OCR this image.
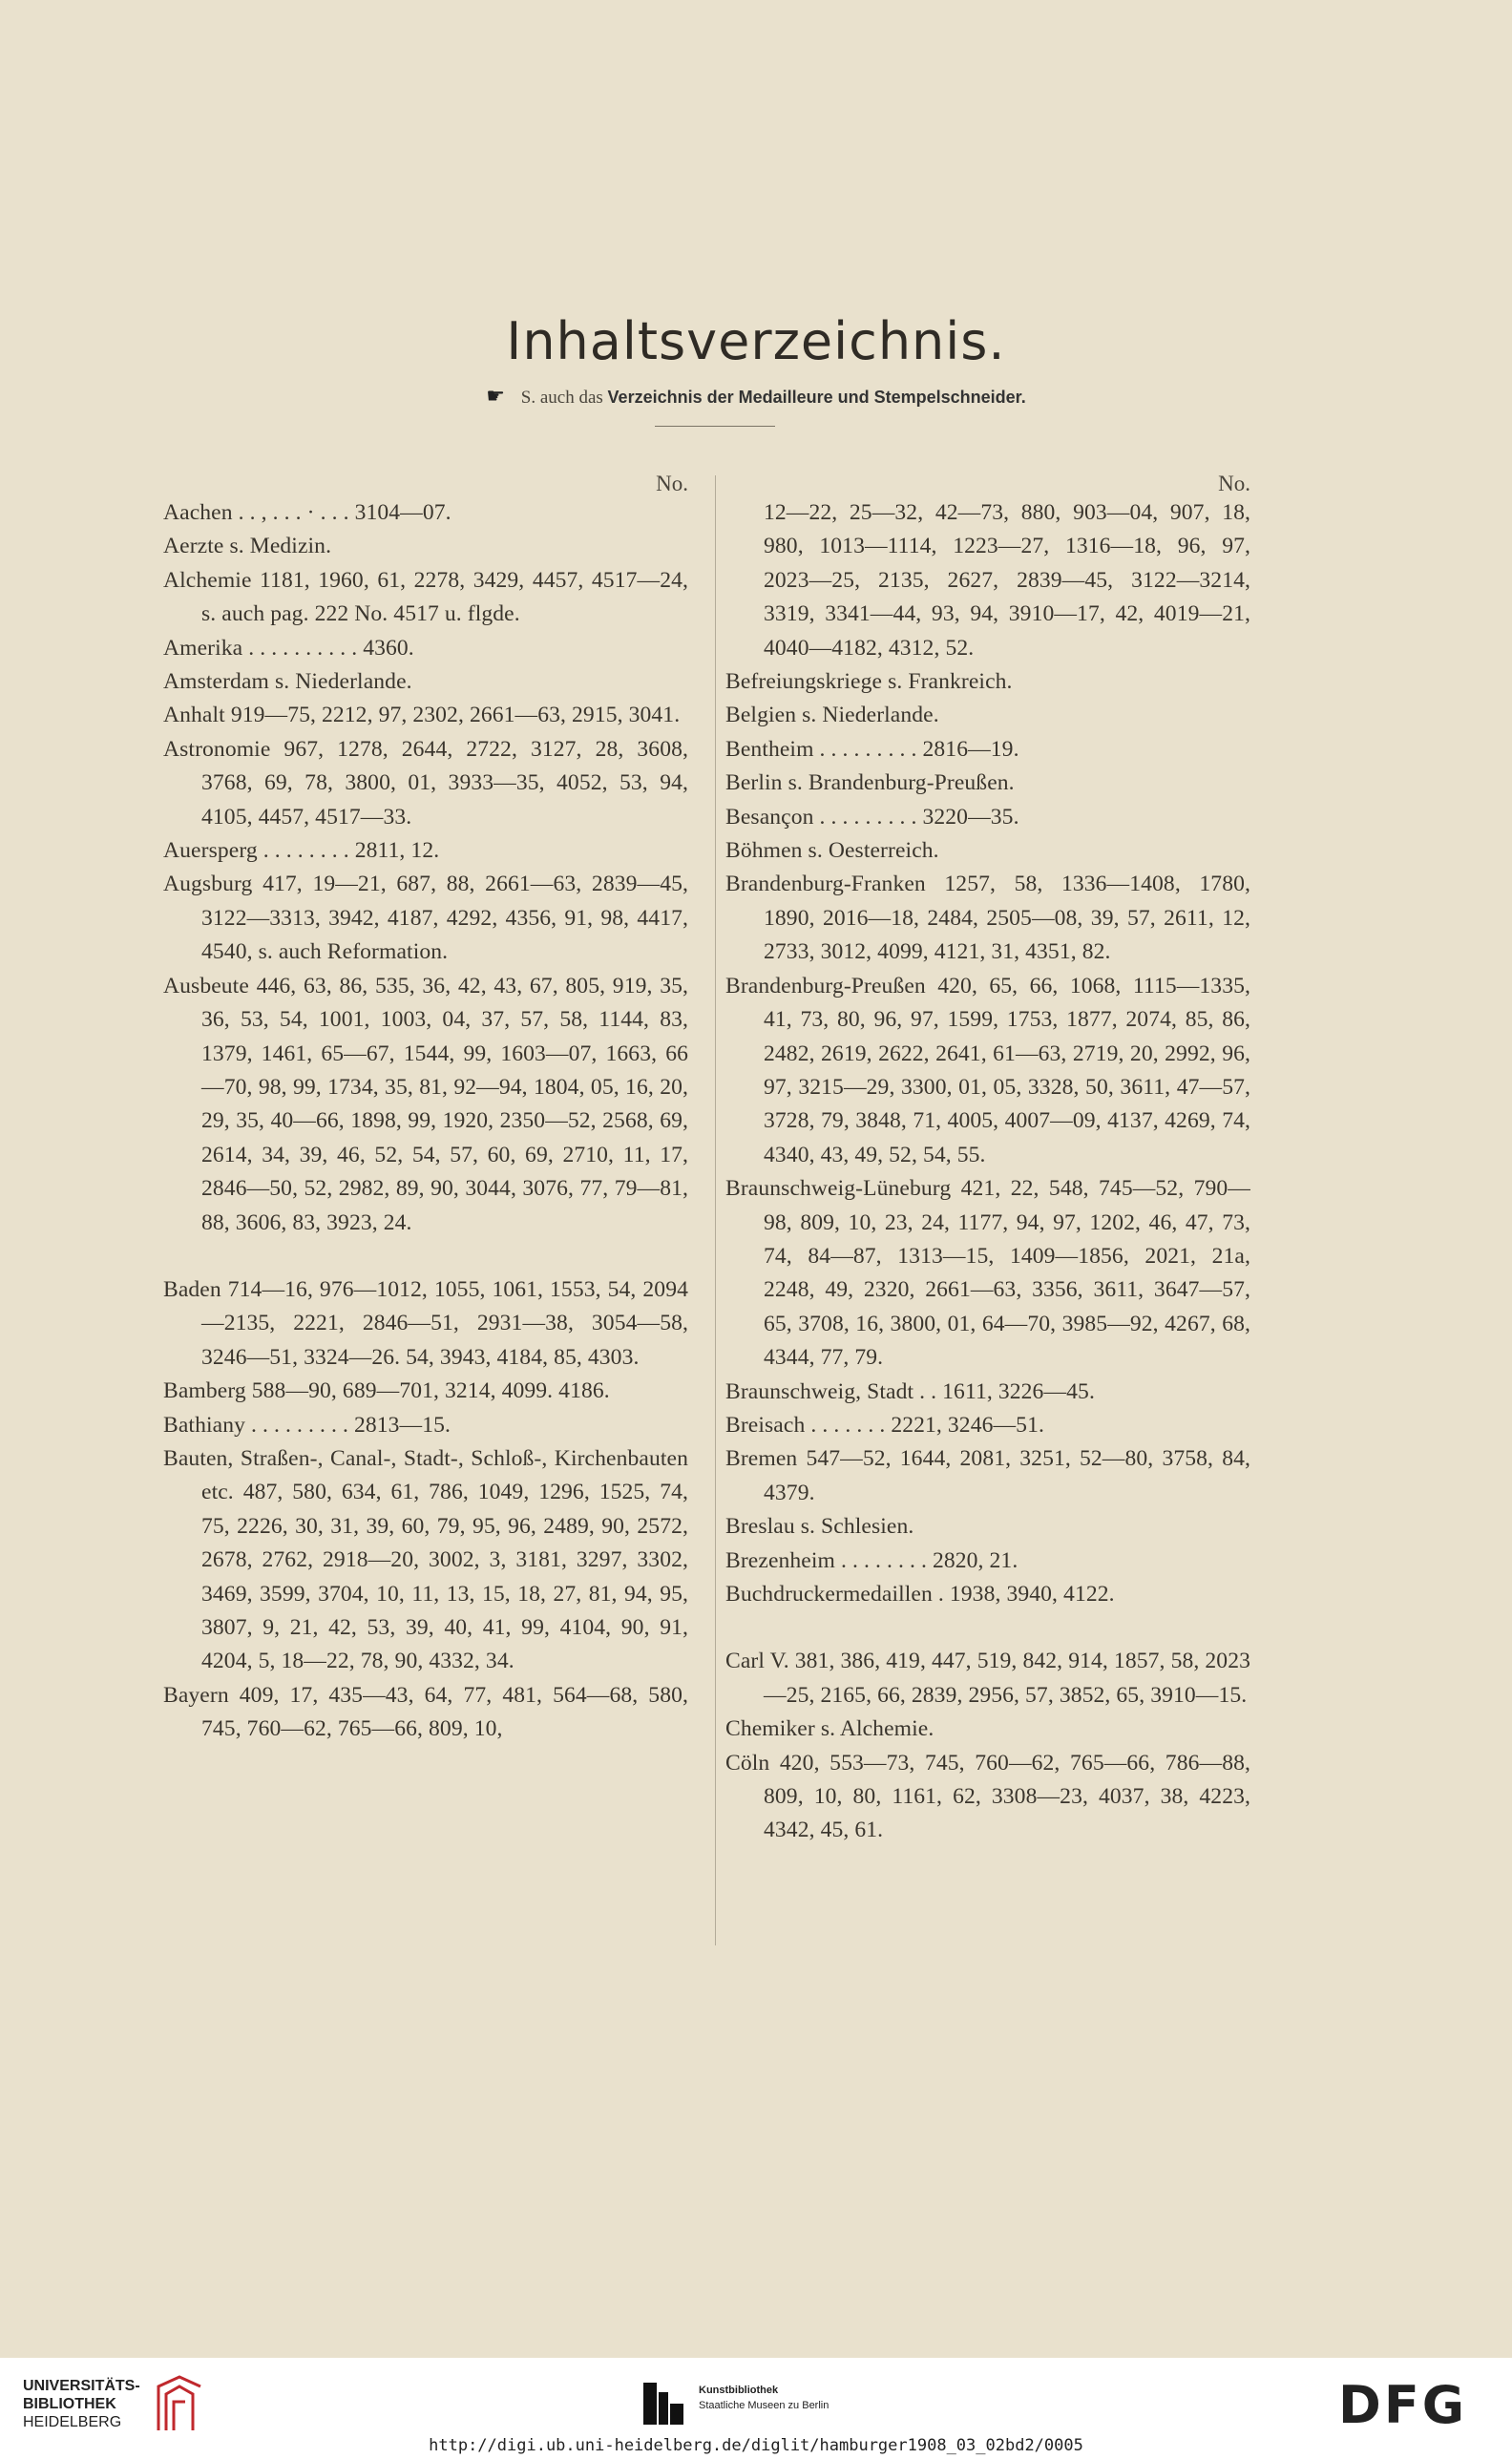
Inhaltsverzeichnis.
☛ S. auch das Verzeichnis der Medailleure und Stempelschneider.
No.
Aachen . . , . . . · . . . 3104—07.
Aerzte s. Medizin.
Alchemie 1181, 1960, 61, 2278, 3429, 4457, 4517—24, s. auch pag. 222 No. 4517 u. flgde.
Amerika . . . . . . . . . . 4360.
Amsterdam s. Niederlande.
Anhalt 919—75, 2212, 97, 2302, 2661—63, 2915, 3041.
Astronomie 967, 1278, 2644, 2722, 3127, 28, 3608, 3768, 69, 78, 3800, 01, 3933—35, 4052, 53, 94, 4105, 4457, 4517—33.
Auersperg . . . . . . . . 2811, 12.
Augsburg 417, 19—21, 687, 88, 2661—63, 2839—45, 3122—3313, 3942, 4187, 4292, 4356, 91, 98, 4417, 4540, s. auch Reformation.
Ausbeute 446, 63, 86, 535, 36, 42, 43, 67, 805, 919, 35, 36, 53, 54, 1001, 1003, 04, 37, 57, 58, 1144, 83, 1379, 1461, 65—67, 1544, 99, 1603—07, 1663, 66—70, 98, 99, 1734, 35, 81, 92—94, 1804, 05, 16, 20, 29, 35, 40—66, 1898, 99, 1920, 2350—52, 2568, 69, 2614, 34, 39, 46, 52, 54, 57, 60, 69, 2710, 11, 17, 2846—50, 52, 2982, 89, 90, 3044, 3076, 77, 79—81, 88, 3606, 83, 3923, 24.
Baden 714—16, 976—1012, 1055, 1061, 1553, 54, 2094—2135, 2221, 2846—51, 2931—38, 3054—58, 3246—51, 3324—26. 54, 3943, 4184, 85, 4303.
Bamberg 588—90, 689—701, 3214, 4099. 4186.
Bathiany . . . . . . . . . 2813—15.
Bauten, Straßen-, Canal-, Stadt-, Schloß-, Kirchenbauten etc. 487, 580, 634, 61, 786, 1049, 1296, 1525, 74, 75, 2226, 30, 31, 39, 60, 79, 95, 96, 2489, 90, 2572, 2678, 2762, 2918—20, 3002, 3, 3181, 3297, 3302, 3469, 3599, 3704, 10, 11, 13, 15, 18, 27, 81, 94, 95, 3807, 9, 21, 42, 53, 39, 40, 41, 99, 4104, 90, 91, 4204, 5, 18—22, 78, 90, 4332, 34.
Bayern 409, 17, 435—43, 64, 77, 481, 564—68, 580, 745, 760—62, 765—66, 809, 10,
No.
12—22, 25—32, 42—73, 880, 903—04, 907, 18, 980, 1013—1114, 1223—27, 1316—18, 96, 97, 2023—25, 2135, 2627, 2839—45, 3122—3214, 3319, 3341—44, 93, 94, 3910—17, 42, 4019—21, 4040—4182, 4312, 52.
Befreiungskriege s. Frankreich.
Belgien s. Niederlande.
Bentheim . . . . . . . . . 2816—19.
Berlin s. Brandenburg-Preußen.
Besançon . . . . . . . . . 3220—35.
Böhmen s. Oesterreich.
Brandenburg-Franken 1257, 58, 1336—1408, 1780, 1890, 2016—18, 2484, 2505—08, 39, 57, 2611, 12, 2733, 3012, 4099, 4121, 31, 4351, 82.
Brandenburg-Preußen 420, 65, 66, 1068, 1115—1335, 41, 73, 80, 96, 97, 1599, 1753, 1877, 2074, 85, 86, 2482, 2619, 2622, 2641, 61—63, 2719, 20, 2992, 96, 97, 3215—29, 3300, 01, 05, 3328, 50, 3611, 47—57, 3728, 79, 3848, 71, 4005, 4007—09, 4137, 4269, 74, 4340, 43, 49, 52, 54, 55.
Braunschweig-Lüneburg 421, 22, 548, 745—52, 790—98, 809, 10, 23, 24, 1177, 94, 97, 1202, 46, 47, 73, 74, 84—87, 1313—15, 1409—1856, 2021, 21a, 2248, 49, 2320, 2661—63, 3356, 3611, 3647—57, 65, 3708, 16, 3800, 01, 64—70, 3985—92, 4267, 68, 4344, 77, 79.
Braunschweig, Stadt . . 1611, 3226—45.
Breisach . . . . . . . 2221, 3246—51.
Bremen 547—52, 1644, 2081, 3251, 52—80, 3758, 84, 4379.
Breslau s. Schlesien.
Brezenheim . . . . . . . . 2820, 21.
Buchdruckermedaillen . 1938, 3940, 4122.
Carl V. 381, 386, 419, 447, 519, 842, 914, 1857, 58, 2023—25, 2165, 66, 2839, 2956, 57, 3852, 65, 3910—15.
Chemiker s. Alchemie.
Cöln 420, 553—73, 745, 760—62, 765—66, 786—88, 809, 10, 80, 1161, 62, 3308—23, 4037, 38, 4223, 4342, 45, 61.
UNIVERSITÄTS-
BIBLIOTHEK
HEIDELBERG
Kunstbibliothek
Staatliche Museen zu Berlin	DFG
http://digi.ub.uni-heidelberg.de/diglit/hamburger1908_03_02bd2/0005
